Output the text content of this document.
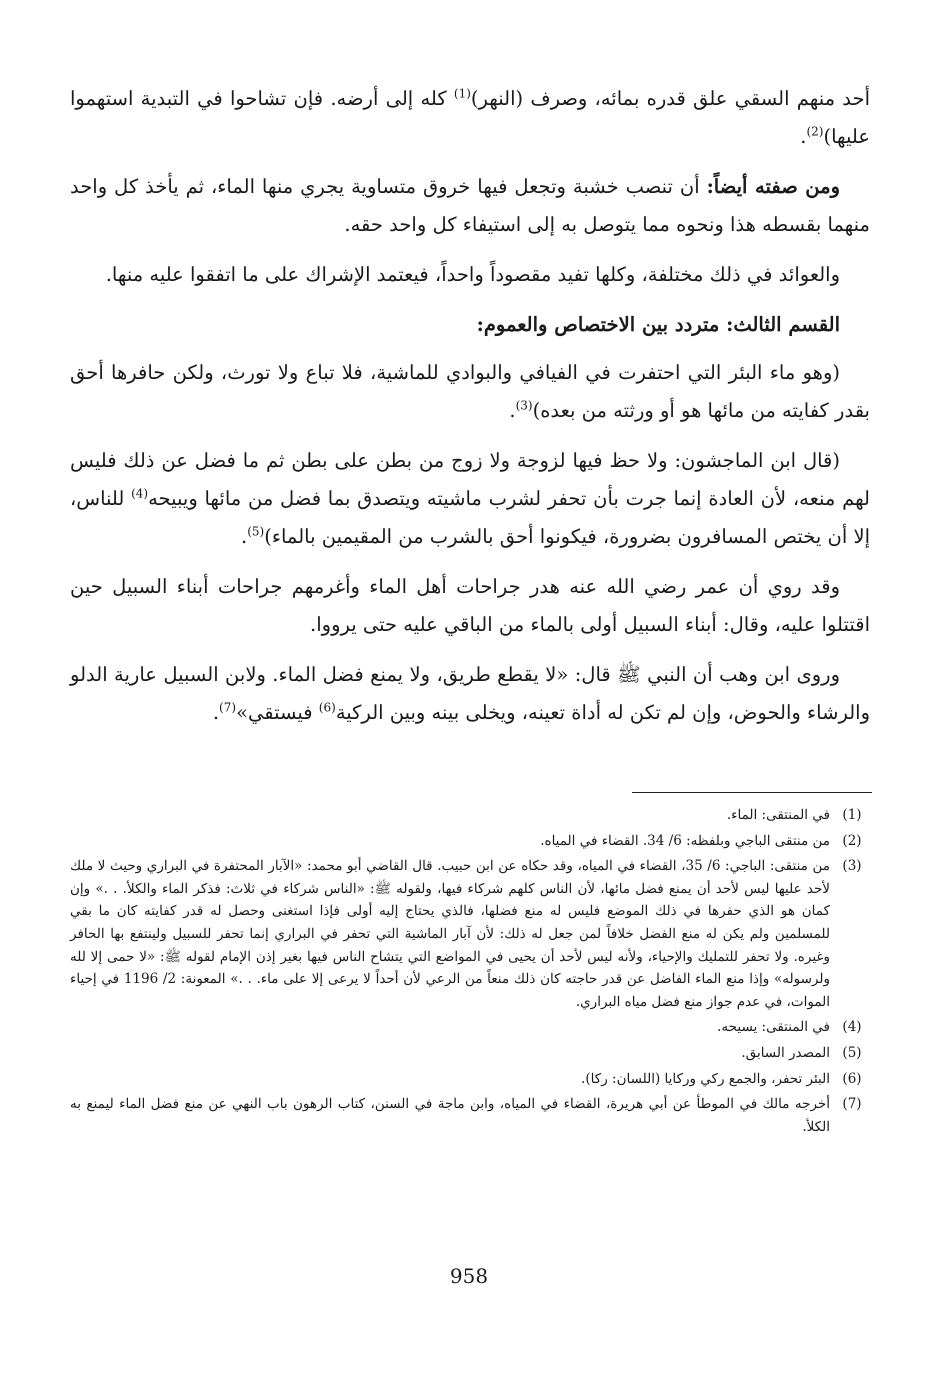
أحد منهم السقي علق قدره بمائه، وصرف (النهر)$^{(1)}$ كله إلى أرضه. فإن تشاحوا في التبدية استهموا عليها)$^{(2)}$.

ومن صفته أيضاً: أن تنصب خشبة وتجعل فيها خروق متساوية يجري منها الماء، ثم يأخذ كل واحد منهما بقسطه هذا ونحوه مما يتوصل به إلى استيفاء كل واحد حقه.

والعوائد في ذلك مختلفة، وكلها تفيد مقصوداً واحداً، فيعتمد الإشراك على ما اتفقوا عليه منها.

القسم الثالث: متردد بين الاختصاص والعموم:

(وهو ماء البئر التي احتفرت في الفيافي والبوادي للماشية، فلا تباع ولا تورث، ولكن حافرها أحق بقدر كفايته من مائها هو أو ورثته من بعده)$^{(3)}$.

(قال ابن الماجشون: ولا حظ فيها لزوجة ولا زوج من بطن على بطن ثم ما فضل عن ذلك فليس لهم منعه، لأن العادة إنما جرت بأن تحفر لشرب ماشيته ويتصدق بما فضل من مائها ويبيحه$^{(4)}$ للناس، إلا أن يختص المسافرون بضرورة، فيكونوا أحق بالشرب من المقيمين بالماء)$^{(5)}$.

وقد روي أن عمر رضي الله عنه هدر جراحات أهل الماء وأغرمهم جراحات أبناء السبيل حين اقتتلوا عليه، وقال: أبناء السبيل أولى بالماء من الباقي عليه حتى يرووا.

وروى ابن وهب أن النبي ﷺ قال: «لا يقطع طريق، ولا يمنع فضل الماء. ولابن السبيل عارية الدلو والرشاء والحوض، وإن لم تكن له أداة تعينه، ويخلى بينه وبين الركية$^{(6)}$ فيستقي»$^{(7)}$.

(1)
في المنتقى: الماء.
(2)
من منتقى الباجي وبلفظه: 6/ 34. القضاء في المياه.
(3)
من منتقى: الباجي: 6/ 35، القضاء في المياه، وقد حكاه عن ابن حبيب. قال القاضي أبو محمد: «الآبار المحتفرة في البراري وحيث لا ملك لأحد عليها ليس لأحد أن يمنع فضل مائها، لأن الناس كلهم شركاء فيها، ولقوله ﷺ: «الناس شركاء في ثلاث: فذكر الماء والكلأ. . .» وإن كمان هو الذي حفرها في ذلك الموضع فليس له منع فضلها، فالذي يحتاج إليه أولى فإذا استغنى وحصل له قدر كفايته كان ما بقي للمسلمين ولم يكن له منع الفضل خلافاً لمن جعل له ذلك: لأن آبار الماشية التي تحفر في البراري إنما تحفر للسبيل ولينتفع بها الحافر وغيره. ولا تحفر للتمليك والإحياء، ولأنه ليس لأحد أن يحيى في المواضع التي يتشاح الناس فيها بغير إذن الإمام لقوله ﷺ: «لا حمى إلا لله ولرسوله» وإذا منع الماء الفاضل عن قدر حاجته كان ذلك منعاً من الرعي لأن أحداً لا يرعى إلا على ماء. . .» المعونة: 2/ 1196 في إحياء الموات، في عدم جواز منع فضل مياه البراري.
(4)
في المنتقى: يسيحه.
(5)
المصدر السابق.
(6)
البئر تحفر، والجمع ركي وركايا (اللسان: ركا).
(7)
أخرجه مالك في الموطأ عن أبي هريرة، القضاء في المياه، وابن ماجة في السنن، كتاب الرهون باب النهي عن منع فضل الماء ليمنع به الكلأ.
958
